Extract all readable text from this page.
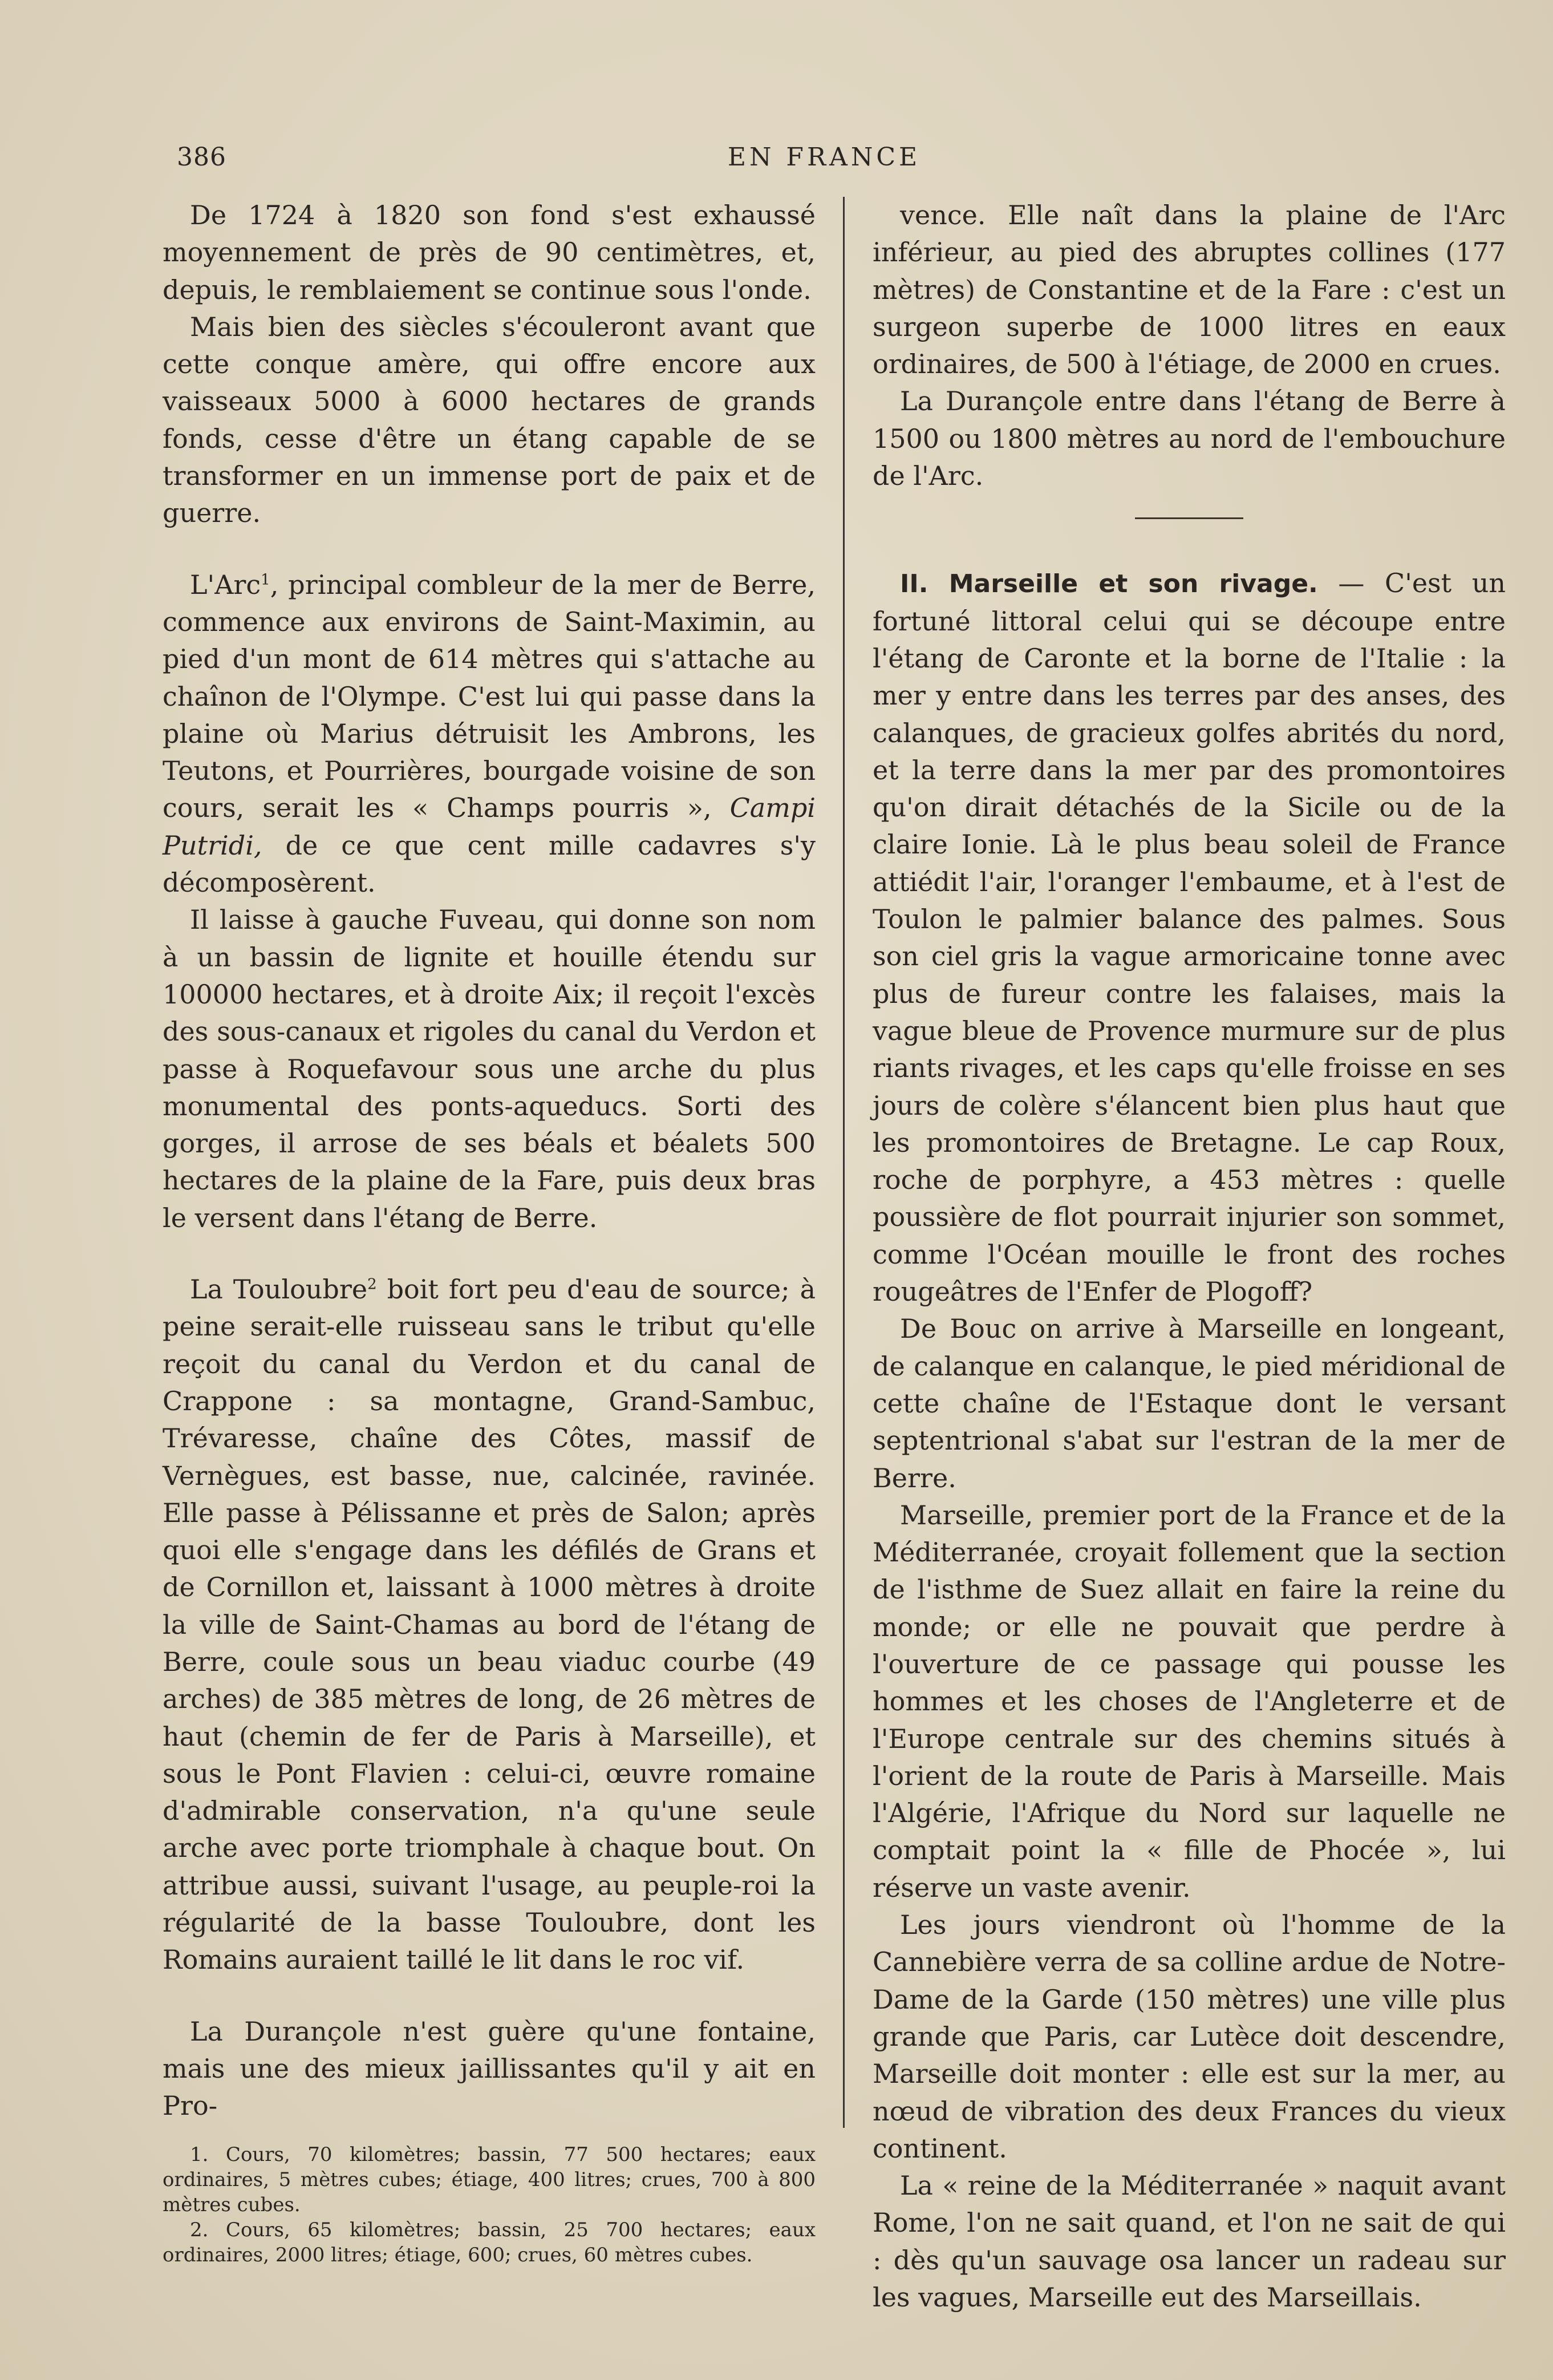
386	EN FRANCE

De 1724 à 1820 son fond s'est exhaussé moyennement de près de 90 centimètres, et, depuis, le remblaiement se continue sous l'onde.

Mais bien des siècles s'écouleront avant que cette conque amère, qui offre encore aux vaisseaux 5000 à 6000 hectares de grands fonds, cesse d'être un étang capable de se transformer en un immense port de paix et de guerre.

L'Arc$^1$, principal combleur de la mer de Berre, commence aux environs de Saint-Maximin, au pied d'un mont de 614 mètres qui s'attache au chaînon de l'Olympe. C'est lui qui passe dans la plaine où Marius détruisit les Ambrons, les Teutons, et Pourrières, bourgade voisine de son cours, serait les « Champs pourris », Campi Putridi, de ce que cent mille cadavres s'y décomposèrent.

Il laisse à gauche Fuveau, qui donne son nom à un bassin de lignite et houille étendu sur 100000 hectares, et à droite Aix; il reçoit l'excès des sous-canaux et rigoles du canal du Verdon et passe à Roquefavour sous une arche du plus monumental des ponts-aqueducs. Sorti des gorges, il arrose de ses béals et béalets 500 hectares de la plaine de la Fare, puis deux bras le versent dans l'étang de Berre.

La Touloubre$^2$ boit fort peu d'eau de source; à peine serait-elle ruisseau sans le tribut qu'elle reçoit du canal du Verdon et du canal de Crappone : sa montagne, Grand-Sambuc, Trévaresse, chaîne des Côtes, massif de Vernègues, est basse, nue, calcinée, ravinée. Elle passe à Pélissanne et près de Salon; après quoi elle s'engage dans les défilés de Grans et de Cornillon et, laissant à 1000 mètres à droite la ville de Saint-Chamas au bord de l'étang de Berre, coule sous un beau viaduc courbe (49 arches) de 385 mètres de long, de 26 mètres de haut (chemin de fer de Paris à Marseille), et sous le Pont Flavien : celui-ci, œuvre romaine d'admirable conservation, n'a qu'une seule arche avec porte triomphale à chaque bout. On attribue aussi, suivant l'usage, au peuple-roi la régularité de la basse Touloubre, dont les Romains auraient taillé le lit dans le roc vif.

La Durançole n'est guère qu'une fontaine, mais une des mieux jaillissantes qu'il y ait en Pro-

1. Cours, 70 kilomètres; bassin, 77 500 hectares; eaux ordinaires, 5 mètres cubes; étiage, 400 litres; crues, 700 à 800 mètres cubes.

2. Cours, 65 kilomètres; bassin, 25 700 hectares; eaux ordinaires, 2000 litres; étiage, 600; crues, 60 mètres cubes.

vence. Elle naît dans la plaine de l'Arc inférieur, au pied des abruptes collines (177 mètres) de Constantine et de la Fare : c'est un surgeon superbe de 1000 litres en eaux ordinaires, de 500 à l'étiage, de 2000 en crues.

La Durançole entre dans l'étang de Berre à 1500 ou 1800 mètres au nord de l'embouchure de l'Arc.

II. Marseille et son rivage. — C'est un fortuné littoral celui qui se découpe entre l'étang de Caronte et la borne de l'Italie : la mer y entre dans les terres par des anses, des calanques, de gracieux golfes abrités du nord, et la terre dans la mer par des promontoires qu'on dirait détachés de la Sicile ou de la claire Ionie. Là le plus beau soleil de France attiédit l'air, l'oranger l'embaume, et à l'est de Toulon le palmier balance des palmes. Sous son ciel gris la vague armoricaine tonne avec plus de fureur contre les falaises, mais la vague bleue de Provence murmure sur de plus riants rivages, et les caps qu'elle froisse en ses jours de colère s'élancent bien plus haut que les promontoires de Bretagne. Le cap Roux, roche de porphyre, a 453 mètres : quelle poussière de flot pourrait injurier son sommet, comme l'Océan mouille le front des roches rougeâtres de l'Enfer de Plogoff?

De Bouc on arrive à Marseille en longeant, de calanque en calanque, le pied méridional de cette chaîne de l'Estaque dont le versant septentrional s'abat sur l'estran de la mer de Berre.

Marseille, premier port de la France et de la Méditerranée, croyait follement que la section de l'isthme de Suez allait en faire la reine du monde; or elle ne pouvait que perdre à l'ouverture de ce passage qui pousse les hommes et les choses de l'Angleterre et de l'Europe centrale sur des chemins situés à l'orient de la route de Paris à Marseille. Mais l'Algérie, l'Afrique du Nord sur laquelle ne comptait point la « fille de Phocée », lui réserve un vaste avenir.

Les jours viendront où l'homme de la Cannebière verra de sa colline ardue de Notre-Dame de la Garde (150 mètres) une ville plus grande que Paris, car Lutèce doit descendre, Marseille doit monter : elle est sur la mer, au nœud de vibration des deux Frances du vieux continent.

La « reine de la Méditerranée » naquit avant Rome, l'on ne sait quand, et l'on ne sait de qui : dès qu'un sauvage osa lancer un radeau sur les vagues, Marseille eut des Marseillais.
